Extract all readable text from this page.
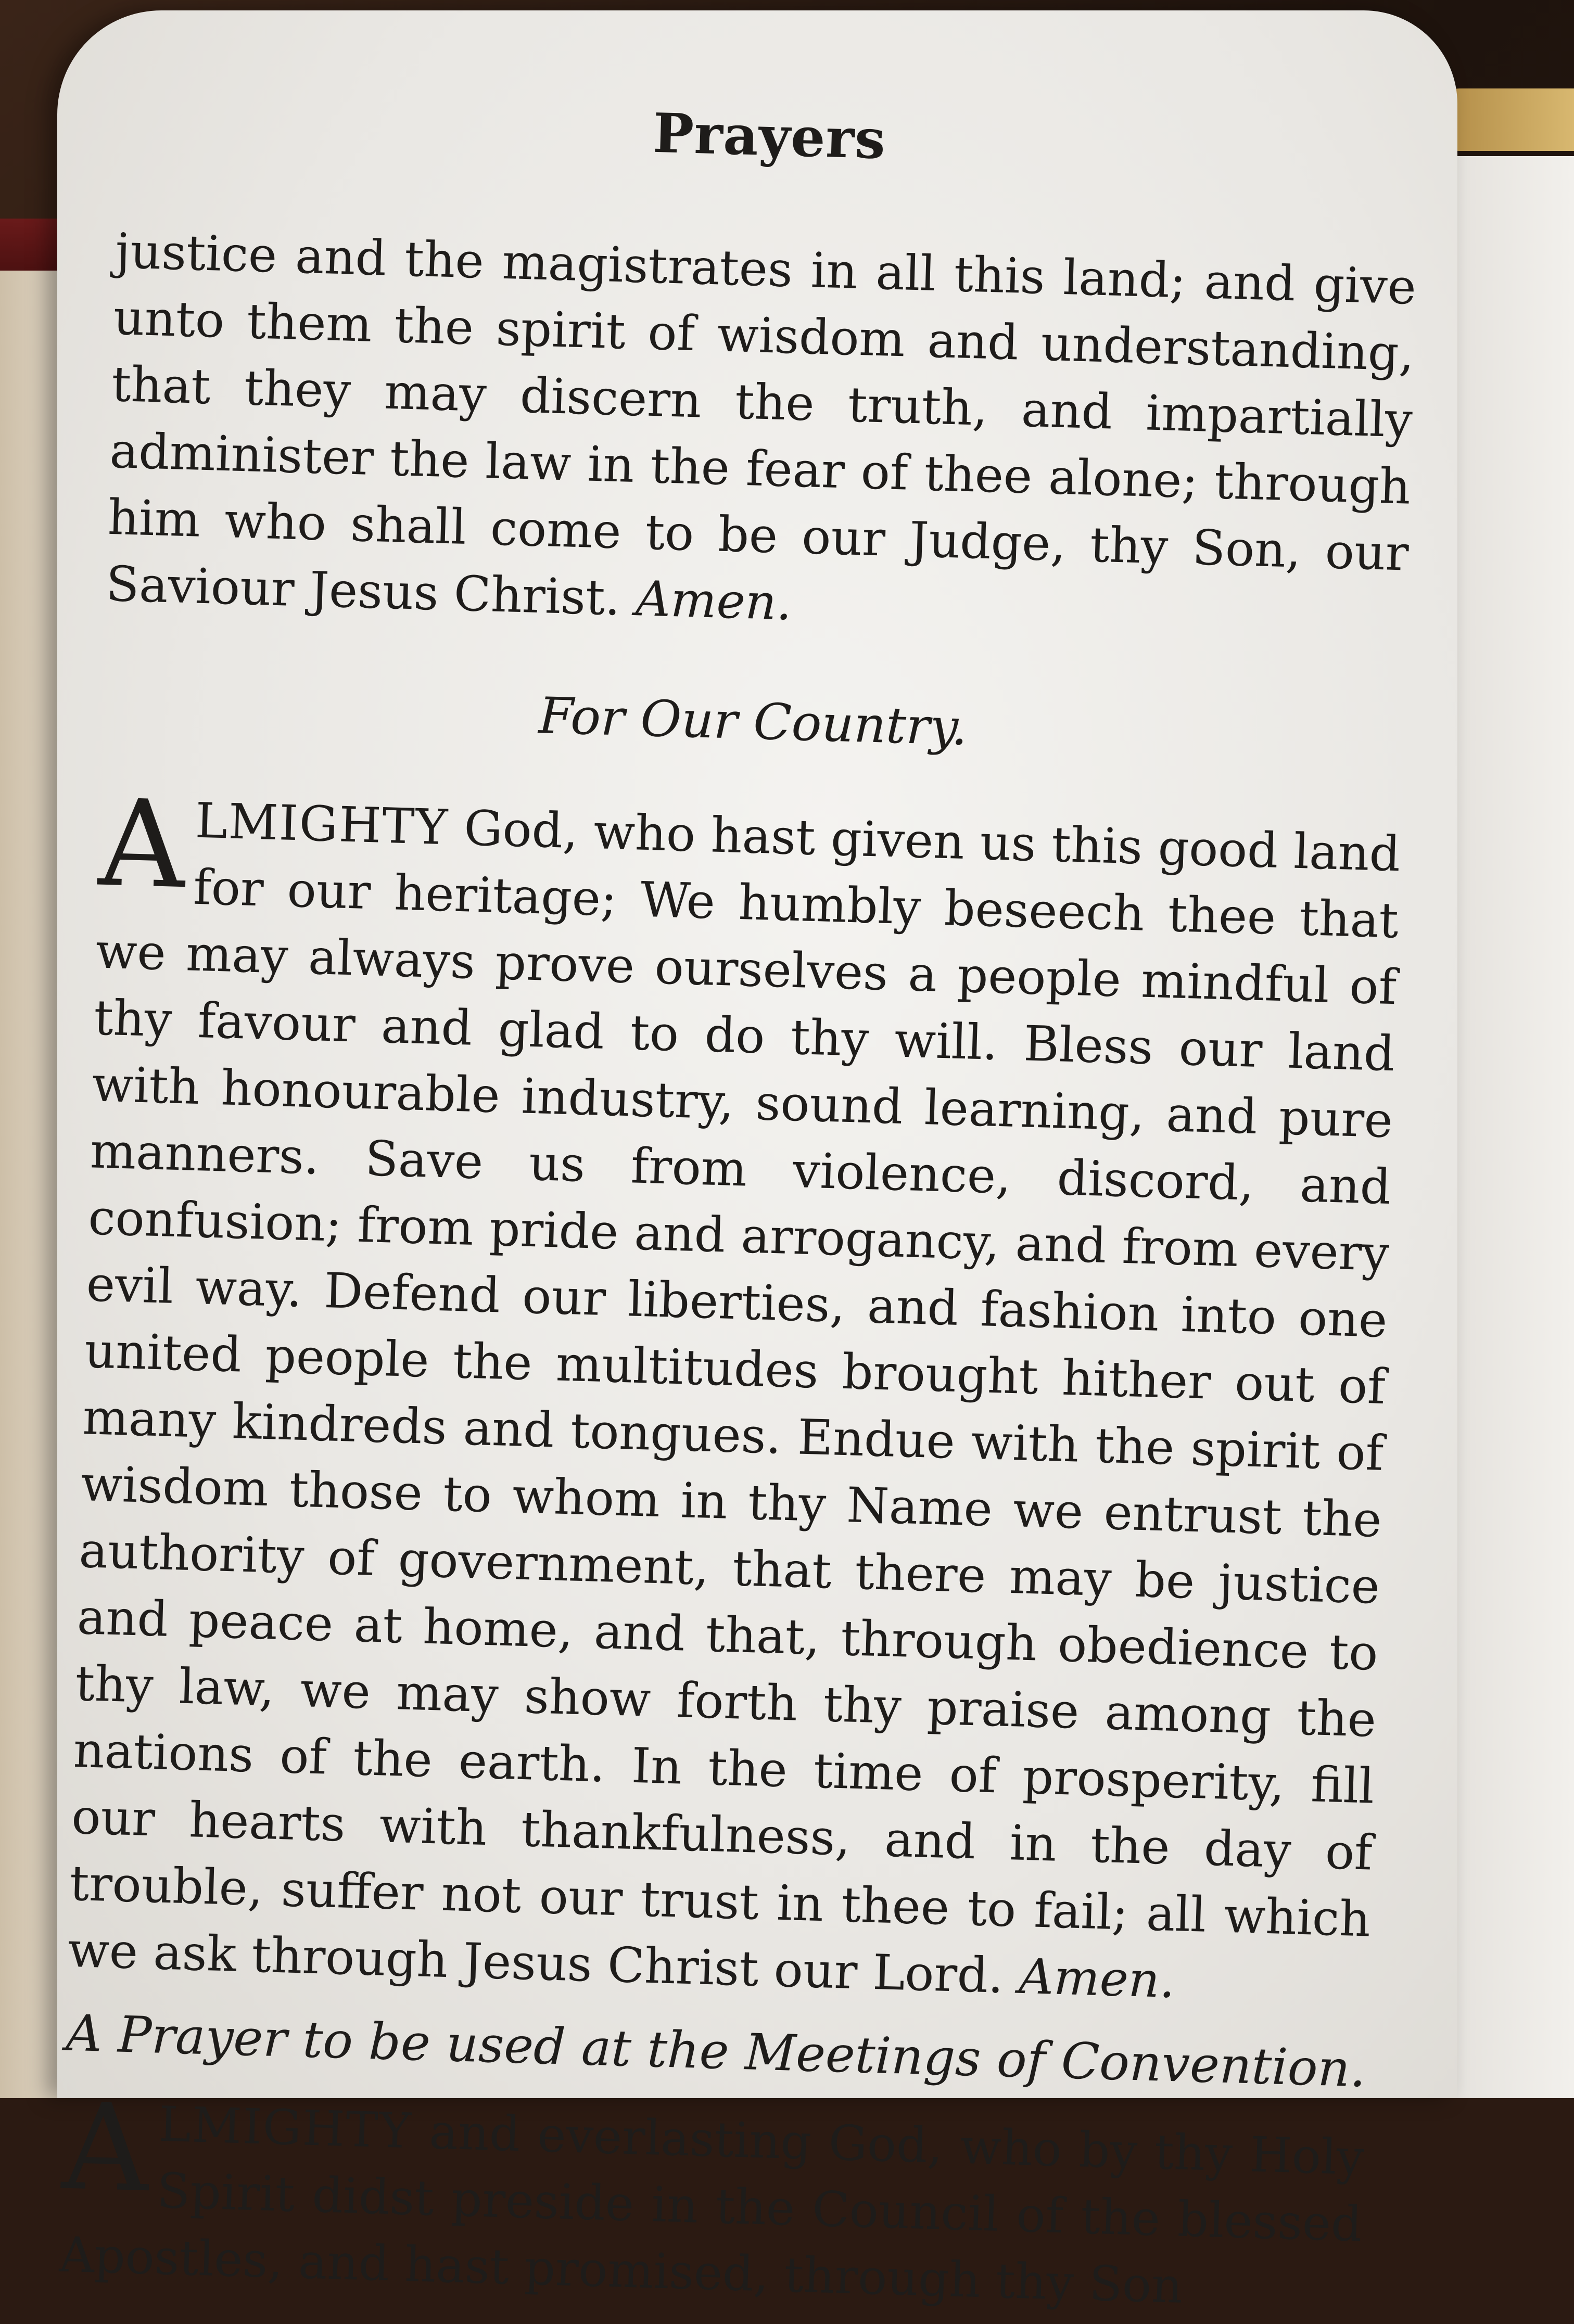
Prayers

justice and the magistrates in all this land; and give unto them the spirit of wisdom and understanding, that they may discern the truth, and impartially administer the law in the fear of thee alone; through him who shall come to be our Judge, thy Son, our Saviour Jesus Christ. Amen.

For Our Country.

ALMIGHTY God, who hast given us this good land for our heritage; We humbly beseech thee that we may always prove ourselves a people mindful of thy favour and glad to do thy will. Bless our land with honourable industry, sound learning, and pure manners. Save us from violence, discord, and confusion; from pride and arrogancy, and from every evil way. Defend our liberties, and fashion into one united people the multitudes brought hither out of many kindreds and tongues. Endue with the spirit of wisdom those to whom in thy Name we entrust the authority of government, that there may be justice and peace at home, and that, through obedience to thy law, we may show forth thy praise among the nations of the earth. In the time of prosperity, fill our hearts with thankfulness, and in the day of trouble, suffer not our trust in thee to fail; all which we ask through Jesus Christ our Lord. Amen.

A Prayer to be used at the Meetings of Convention.

ALMIGHTY and everlasting God, who by thy Holy Spirit didst preside in the Council of the blessed Apostles, and hast promised, through thy Son
